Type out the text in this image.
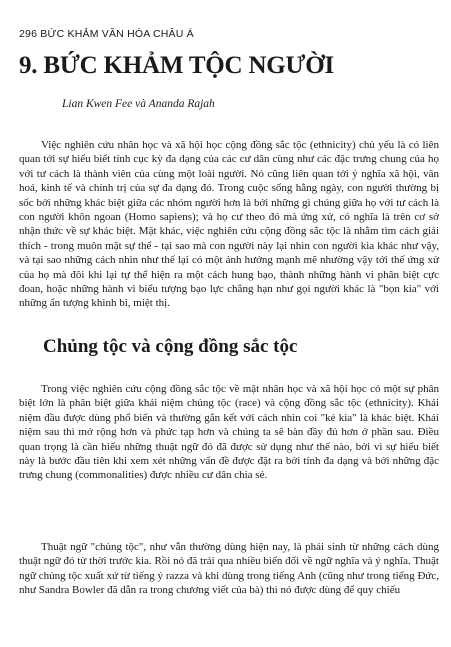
296 BỨC KHẢM VĂN HÓA CHÂU Á
9. BỨC KHẢM TỘC NGƯỜI
Lian Kwen Fee và Ananda Rajah

Việc nghiên cứu nhân học và xã hội học cộng đồng sắc tộc (ethnicity) chủ yếu là có liên quan tới sự hiểu biết tính cục kỳ đa dạng của các cư dân cùng như các đặc trưng chung của họ với tư cách là thành viên của cùng một loài người. Nó cũng liên quan tới ý nghĩa xã hội, văn hoá, kinh tế và chính trị của sự đa dạng đó. Trong cuộc sống hằng ngày, con người thường bị sốc bởi những khác biệt giữa các nhóm người hơn là bởi những gì chúng giữa họ với tư cách là con người khôn ngoan (Homo sapiens); và họ cư theo đó mà ứng xử, có nghĩa là trên cơ sở nhận thức về sự khác biệt. Mặt khác, việc nghiên cứu cộng đồng sắc tộc là nhằm tìm cách giải thích - trong muôn mặt sự thể - tại sao mà con người này lại nhìn con người kia khác như vậy, và tại sao những cách nhìn như thế lại có một ảnh hưởng mạnh mẽ nhường vậy tới thế ứng xử của họ mà đôi khi lại tự thể hiện ra một cách hung bạo, thành những hành vi phân biệt cực đoan, hoặc những hành vi biểu tượng bạo lực chẳng hạn như gọi người khác là "bọn kia" với những ẩn tượng khinh bỉ, miệt thị.

Chủng tộc và cộng đồng sắc tộc

Trong việc nghiên cứu cộng đồng sắc tộc về mặt nhân học và xã hội học có một sự phân biệt lớn là phân biệt giữa khái niệm chủng tộc (race) và cộng đồng sắc tộc (ethnicity). Khái niệm đầu được dùng phổ biến và thường gắn kết với cách nhìn coi "kẻ kia" là khác biệt. Khái niệm sau thì mở rộng hơn và phức tạp hơn và chúng ta sẽ bàn đầy đủ hơn ở phần sau. Điều quan trọng là cần hiểu những thuật ngữ đó đã được sử dụng như thế nào, bởi vì sự hiểu biết này là bước đầu tiên khi xem xét những vấn đề được đặt ra bởi tính đa dạng và bởi những đặc trưng chung (commonalities) được nhiều cư dân chia sẻ.

Thuật ngữ "chủng tộc", như vẫn thường dùng hiện nay, là phái sinh từ những cách dùng thuật ngữ đó từ thời trước kia. Rồi nó đã trải qua nhiều biến đổi về ngữ nghĩa và ý nghĩa. Thuật ngữ chủng tộc xuất xứ từ tiếng ý razza và khi dùng trong tiếng Anh (cũng như trong tiếng Đức, như Sandra Bowler đã dẫn ra trong chương viết của bà) thì nó được dùng để quy chiếu
